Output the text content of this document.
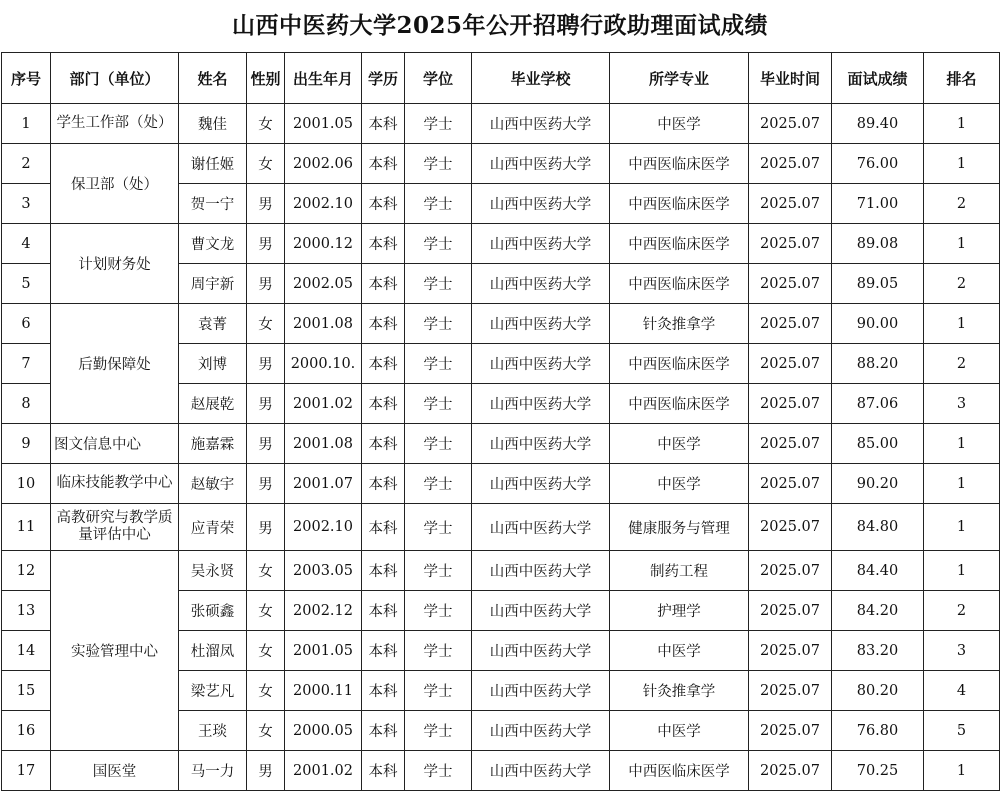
山西中医药大学2025年公开招聘行政助理面试成绩
序号	部门（单位）	姓名	性别	出生年月	学历	学位	毕业学校	所学专业	毕业时间	面试成绩	排名
1	学生工作部（处）	魏佳	女	2001.05	本科	学士	山西中医药大学	中医学	2025.07	89.40	1
2	保卫部（处）	谢任姬	女	2002.06	本科	学士	山西中医药大学	中西医临床医学	2025.07	76.00	1
3		贺一宁	男	2002.10	本科	学士	山西中医药大学	中西医临床医学	2025.07	71.00	2
4	计划财务处	曹文龙	男	2000.12	本科	学士	山西中医药大学	中西医临床医学	2025.07	89.08	1
5		周宇新	男	2002.05	本科	学士	山西中医药大学	中西医临床医学	2025.07	89.05	2
6	后勤保障处	袁菁	女	2001.08	本科	学士	山西中医药大学	针灸推拿学	2025.07	90.00	1
7		刘博	男	2000.10.	本科	学士	山西中医药大学	中西医临床医学	2025.07	88.20	2
8		赵展乾	男	2001.02	本科	学士	山西中医药大学	中西医临床医学	2025.07	87.06	3
9	图文信息中心	施嘉霖	男	2001.08	本科	学士	山西中医药大学	中医学	2025.07	85.00	1
10	临床技能教学中心	赵敏宇	男	2001.07	本科	学士	山西中医药大学	中医学	2025.07	90.20	1
11	高教研究与教学质量评估中心	应青荣	男	2002.10	本科	学士	山西中医药大学	健康服务与管理	2025.07	84.80	1
12	实验管理中心	吴永贤	女	2003.05	本科	学士	山西中医药大学	制药工程	2025.07	84.40	1
13		张硕鑫	女	2002.12	本科	学士	山西中医药大学	护理学	2025.07	84.20	2
14		杜溜凤	女	2001.05	本科	学士	山西中医药大学	中医学	2025.07	83.20	3
15		梁艺凡	女	2000.11	本科	学士	山西中医药大学	针灸推拿学	2025.07	80.20	4
16		王琰	女	2000.05	本科	学士	山西中医药大学	中医学	2025.07	76.80	5
17	国医堂	马一力	男	2001.02	本科	学士	山西中医药大学	中西医临床医学	2025.07	70.25	1
